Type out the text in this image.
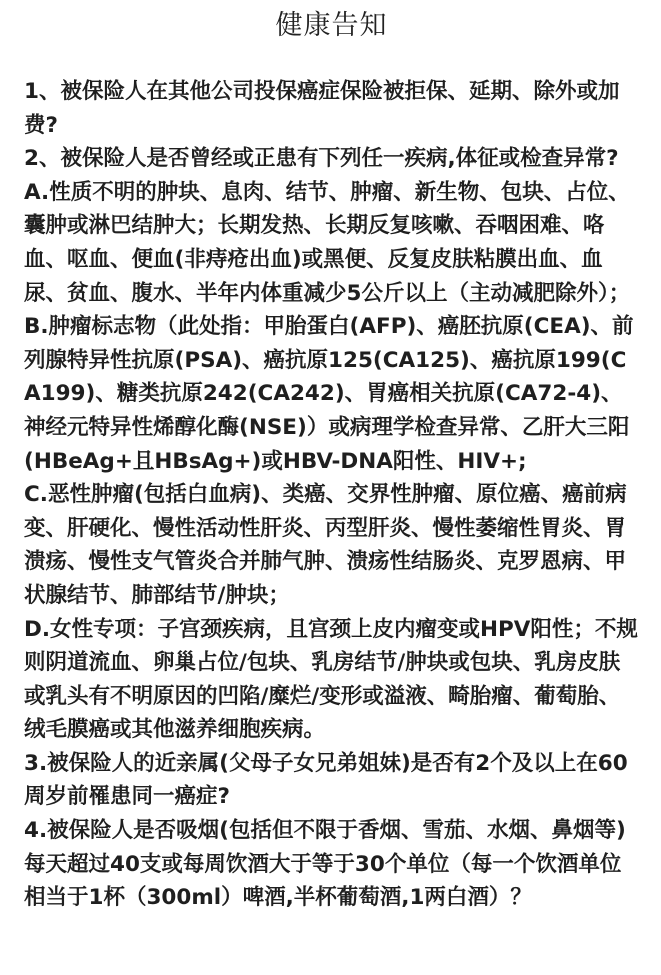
健康告知

1、被保险人在其他公司投保癌症保险被拒保、延期、除外或加费?

2、被保险人是否曾经或正患有下列任一疾病,体征或检查异常?

A.性质不明的肿块、息肉、结节、肿瘤、新生物、包块、占位、囊肿或淋巴结肿大；长期发热、长期反复咳嗽、吞咽困难、咯血、呕血、便血(非痔疮出血)或黑便、反复皮肤粘膜出血、血尿、贫血、腹水、半年内体重减少5公斤以上（主动减肥除外）；

B.肿瘤标志物（此处指：甲胎蛋白(AFP)、癌胚抗原(CEA)、前列腺特异性抗原(PSA)、癌抗原125(CA125)、癌抗原199(CA199)、糖类抗原242(CA242)、胃癌相关抗原(CA72-4)、神经元特异性烯醇化酶(NSE)）或病理学检查异常、乙肝大三阳(HBeAg+且HBsAg+)或HBV-DNA阳性、HIV+;

C.恶性肿瘤(包括白血病)、类癌、交界性肿瘤、原位癌、癌前病变、肝硬化、慢性活动性肝炎、丙型肝炎、慢性萎缩性胃炎、胃溃疡、慢性支气管炎合并肺气肿、溃疡性结肠炎、克罗恩病、甲状腺结节、肺部结节/肿块；

D.女性专项：子宫颈疾病，且宫颈上皮内瘤变或HPV阳性；不规则阴道流血、卵巢占位/包块、乳房结节/肿块或包块、乳房皮肤或乳头有不明原因的凹陷/糜烂/变形或溢液、畸胎瘤、葡萄胎、绒毛膜癌或其他滋养细胞疾病。

3.被保险人的近亲属(父母子女兄弟姐妹)是否有2个及以上在60周岁前罹患同一癌症?

4.被保险人是否吸烟(包括但不限于香烟、雪茄、水烟、鼻烟等)每天超过40支或每周饮酒大于等于30个单位（每一个饮酒单位相当于1杯（300ml）啤酒,半杯葡萄酒,1两白酒）？
